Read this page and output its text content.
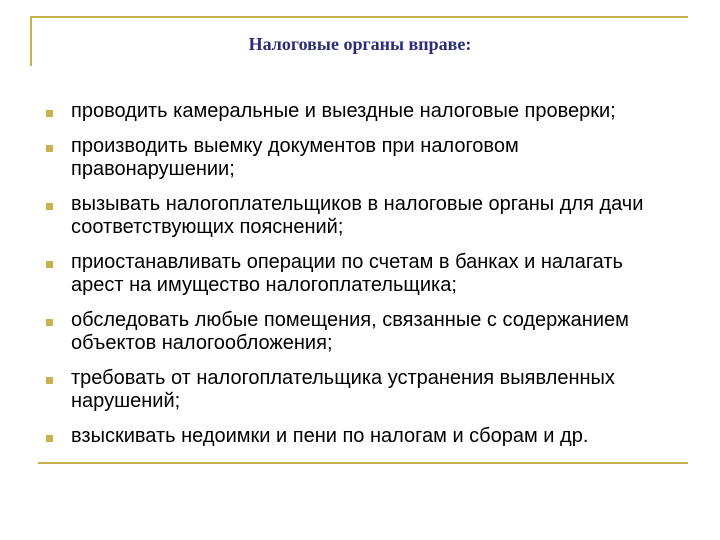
Налоговые органы вправе:
проводить камеральные и выездные налоговые проверки;
производить выемку документов при налоговом правонарушении;
вызывать налогоплательщиков в налоговые органы для дачи соответствующих пояснений;
приостанавливать операции по счетам в банках и налагать арест на имущество налогоплательщика;
обследовать любые помещения, связанные с содержанием объектов налогообложения;
требовать от налогоплательщика устранения выявленных нарушений;
взыскивать недоимки и пени по налогам и сборам и др.
